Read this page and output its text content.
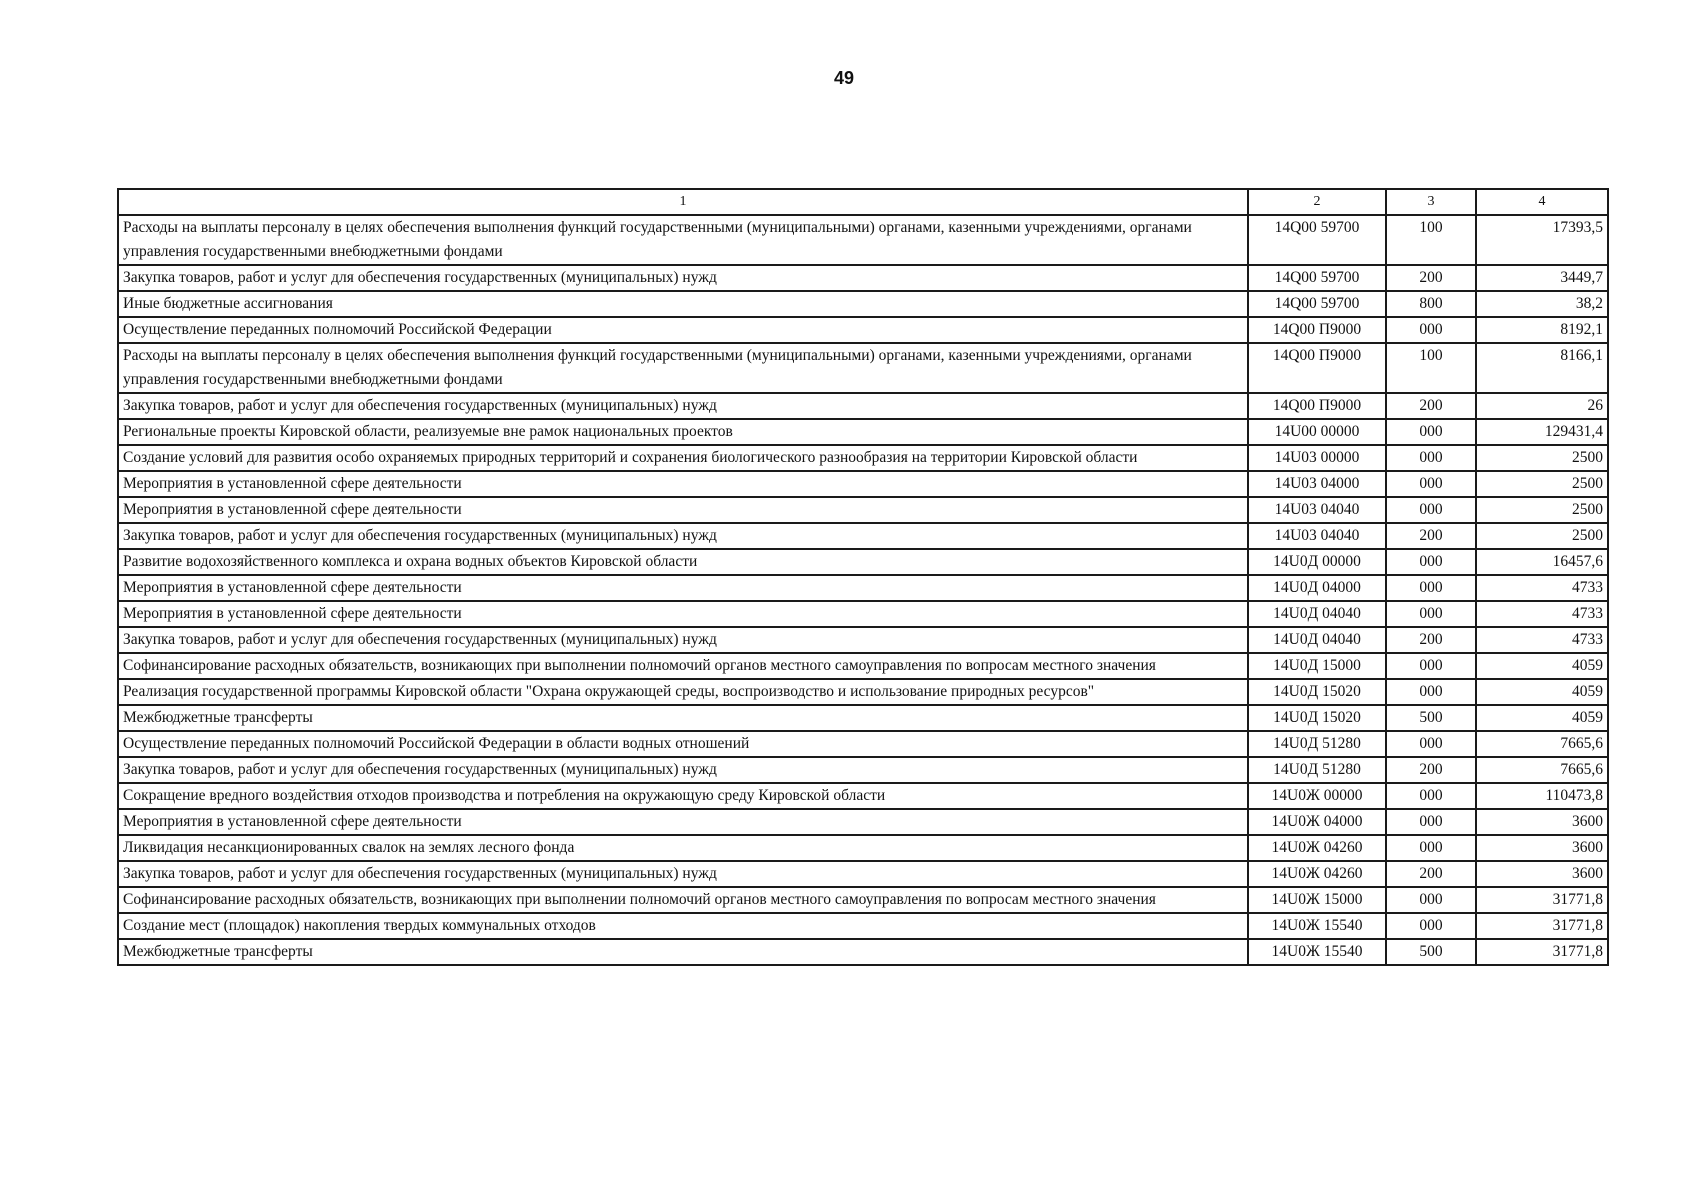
49
1	2	3	4
Расходы на выплаты персоналу в целях обеспечения выполнения функций государственными (муниципальными) органами, казенными учреждениями, органами управления государственными внебюджетными фондами	14Q00 59700	100	17393,5
Закупка товаров, работ и услуг для обеспечения государственных (муниципальных) нужд	14Q00 59700	200	3449,7
Иные бюджетные ассигнования	14Q00 59700	800	38,2
Осуществление переданных полномочий Российской Федерации	14Q00 П9000	000	8192,1
Расходы на выплаты персоналу в целях обеспечения выполнения функций государственными (муниципальными) органами, казенными учреждениями, органами управления государственными внебюджетными фондами	14Q00 П9000	100	8166,1
Закупка товаров, работ и услуг для обеспечения государственных (муниципальных) нужд	14Q00 П9000	200	26
Региональные проекты Кировской области, реализуемые вне рамок национальных проектов	14U00 00000	000	129431,4
Создание условий для развития особо охраняемых природных территорий и сохранения биологического разнообразия на территории Кировской области	14U03 00000	000	2500
Мероприятия в установленной сфере деятельности	14U03 04000	000	2500
Мероприятия в установленной сфере деятельности	14U03 04040	000	2500
Закупка товаров, работ и услуг для обеспечения государственных (муниципальных) нужд	14U03 04040	200	2500
Развитие водохозяйственного комплекса и охрана водных объектов Кировской области	14U0Д 00000	000	16457,6
Мероприятия в установленной сфере деятельности	14U0Д 04000	000	4733
Мероприятия в установленной сфере деятельности	14U0Д 04040	000	4733
Закупка товаров, работ и услуг для обеспечения государственных (муниципальных) нужд	14U0Д 04040	200	4733
Софинансирование расходных обязательств, возникающих при выполнении полномочий органов местного самоуправления по вопросам местного значения	14U0Д 15000	000	4059
Реализация государственной программы Кировской области "Охрана окружающей среды, воспроизводство и использование природных ресурсов"	14U0Д 15020	000	4059
Межбюджетные трансферты	14U0Д 15020	500	4059
Осуществление переданных полномочий Российской Федерации в области водных отношений	14U0Д 51280	000	7665,6
Закупка товаров, работ и услуг для обеспечения государственных (муниципальных) нужд	14U0Д 51280	200	7665,6
Сокращение вредного воздействия отходов производства и потребления на окружающую среду Кировской области	14U0Ж 00000	000	110473,8
Мероприятия в установленной сфере деятельности	14U0Ж 04000	000	3600
Ликвидация несанкционированных свалок на землях лесного фонда	14U0Ж 04260	000	3600
Закупка товаров, работ и услуг для обеспечения государственных (муниципальных) нужд	14U0Ж 04260	200	3600
Софинансирование расходных обязательств, возникающих при выполнении полномочий органов местного самоуправления по вопросам местного значения	14U0Ж 15000	000	31771,8
Создание мест (площадок) накопления твердых коммунальных отходов	14U0Ж 15540	000	31771,8
Межбюджетные трансферты	14U0Ж 15540	500	31771,8
